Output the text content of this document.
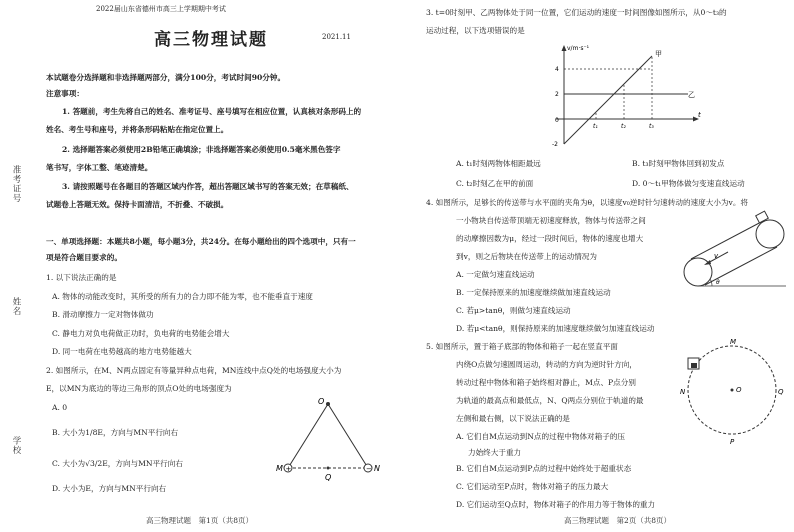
2022届山东省德州市高三上学期期中考试
高三物理试题	2021.11
本试题卷分选择题和非选择题两部分，满分100分，考试时间90分钟。
注意事项：
1. 答题前，考生先将自己的姓名、准考证号、座号填写在相应位置，认真核对条形码上的
姓名、考生号和座号，并将条形码粘贴在指定位置上。
2. 选择题答案必须使用2B铅笔正确填涂；非选择题答案必须使用0.5毫米黑色签字
笔书写，字体工整、笔迹清楚。
3. 请按照题号在各题目的答题区域内作答，超出答题区域书写的答案无效；在草稿纸、
试题卷上答题无效。保持卡面清洁，不折叠、不破损。
一、单项选择题：本题共8小题，每小题3分，共24分。在每小题给出的四个选项中，只有一
项是符合题目要求的。
1. 以下说法正确的是
A. 物体的动能改变时，其所受的所有力的合力即不能为零，也不能垂直于速度
B. 滑动摩擦力一定对物体做功
C. 静电力对负电荷做正功时，负电荷的电势能会增大
D. 同一电荷在电势越高的地方电势能越大
2. 如图所示，在M、N两点固定有等量异种点电荷，MN连线中点Q处的电场强度大小为
E，以MN为底边的等边三角形的顶点O处的电场强度为
A. 0
B. 大小为1/8E，方向与MN平行向右
C. 大小为√3/2E，方向与MN平行向右
D. 大小为E，方向与MN平行向右
+	−
O
M	N
Q
准考证号
姓名
学校
高三物理试题　第1页（共8页）
3. t=0时刻甲、乙两物体处于同一位置，它们运动的速度一时间图像如图所示，从0～t₃的
运动过程，以下选项错误的是
v/m·s⁻¹
甲
乙
t
4
2
0
-2
t₁	t₂	t₃
A. t₁时刻两物体相距最远	B. t₃时刻甲物体回到初发点
C. t₂时刻乙在甲的前面	D. 0～t₁甲物体做匀变速直线运动
4. 如图所示，足够长的传送带与水平面的夹角为θ，以速度v₀逆时针匀速转动的速度大小为v。将
一小物块自传送带顶端无初速度释放，物体与传送带之间
的动摩擦因数为μ，经过一段时间后，物体的速度也增大
到v，则之后物块在传送带上的运动情况为
A. 一定做匀速直线运动
B. 一定保持原来的加速度继续做加速直线运动
C. 若μ>tanθ，则做匀速直线运动
D. 若μ<tanθ，则保持原来的加速度继续做匀加速直线运动
v
θ
5. 如图所示，置于箱子底部的物体和箱子一起在竖直平面
内绕O点做匀速圆周运动，转动的方向为逆时针方向，
转动过程中物体和箱子始终相对静止，M点、P点分别
为轨道的最高点和最低点，N、Q两点分别位于轨道的最
左侧和最右侧，以下说法正确的是
A. 它们自M点运动到N点的过程中物体对箱子的压
力始终大于重力
B. 它们自M点运动到P点的过程中始终处于超重状态
C. 它们运动至P点时，物体对箱子的压力最大
D. 它们运动至Q点时，物体对箱子的作用力等于物体的重力
M
N	O
P
Q
高三物理试题　第2页（共8页）
